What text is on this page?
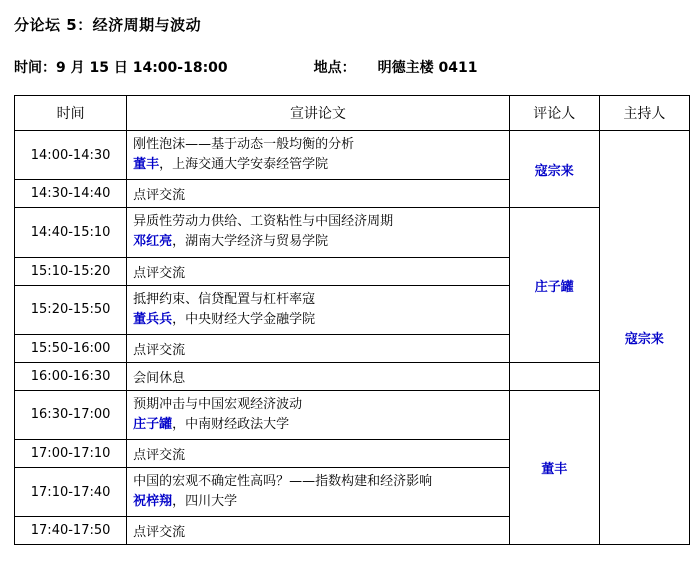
分论坛 5：经济周期与波动
时间：9 月 15 日 14:00-18:00	地点： 明德主楼 0411
时间	宣讲论文	评论人	主持人
14:00-14:30	刚性泡沫——基于动态一般均衡的分析
董丰，上海交通大学安泰经管学院	寇宗来	寇宗来
14:30-14:40	点评交流		
14:40-15:10	异质性劳动力供给、工资粘性与中国经济周期
邓红亮，湖南大学经济与贸易学院	庄子罐	
15:10-15:20	点评交流		
15:20-15:50	抵押约束、信贷配置与杠杆率寇
董兵兵，中央财经大学金融学院		

15:50-16:00	点评交流		
16:00-16:30	会间休息		
16:30-17:00	预期冲击与中国宏观经济波动
庄子罐，中南财经政法大学	董丰	
17:00-17:10	点评交流		
17:10-17:40	中国的宏观不确定性高吗？——指数构建和经济影响
祝梓翔，四川大学		

17:40-17:50	点评交流		
